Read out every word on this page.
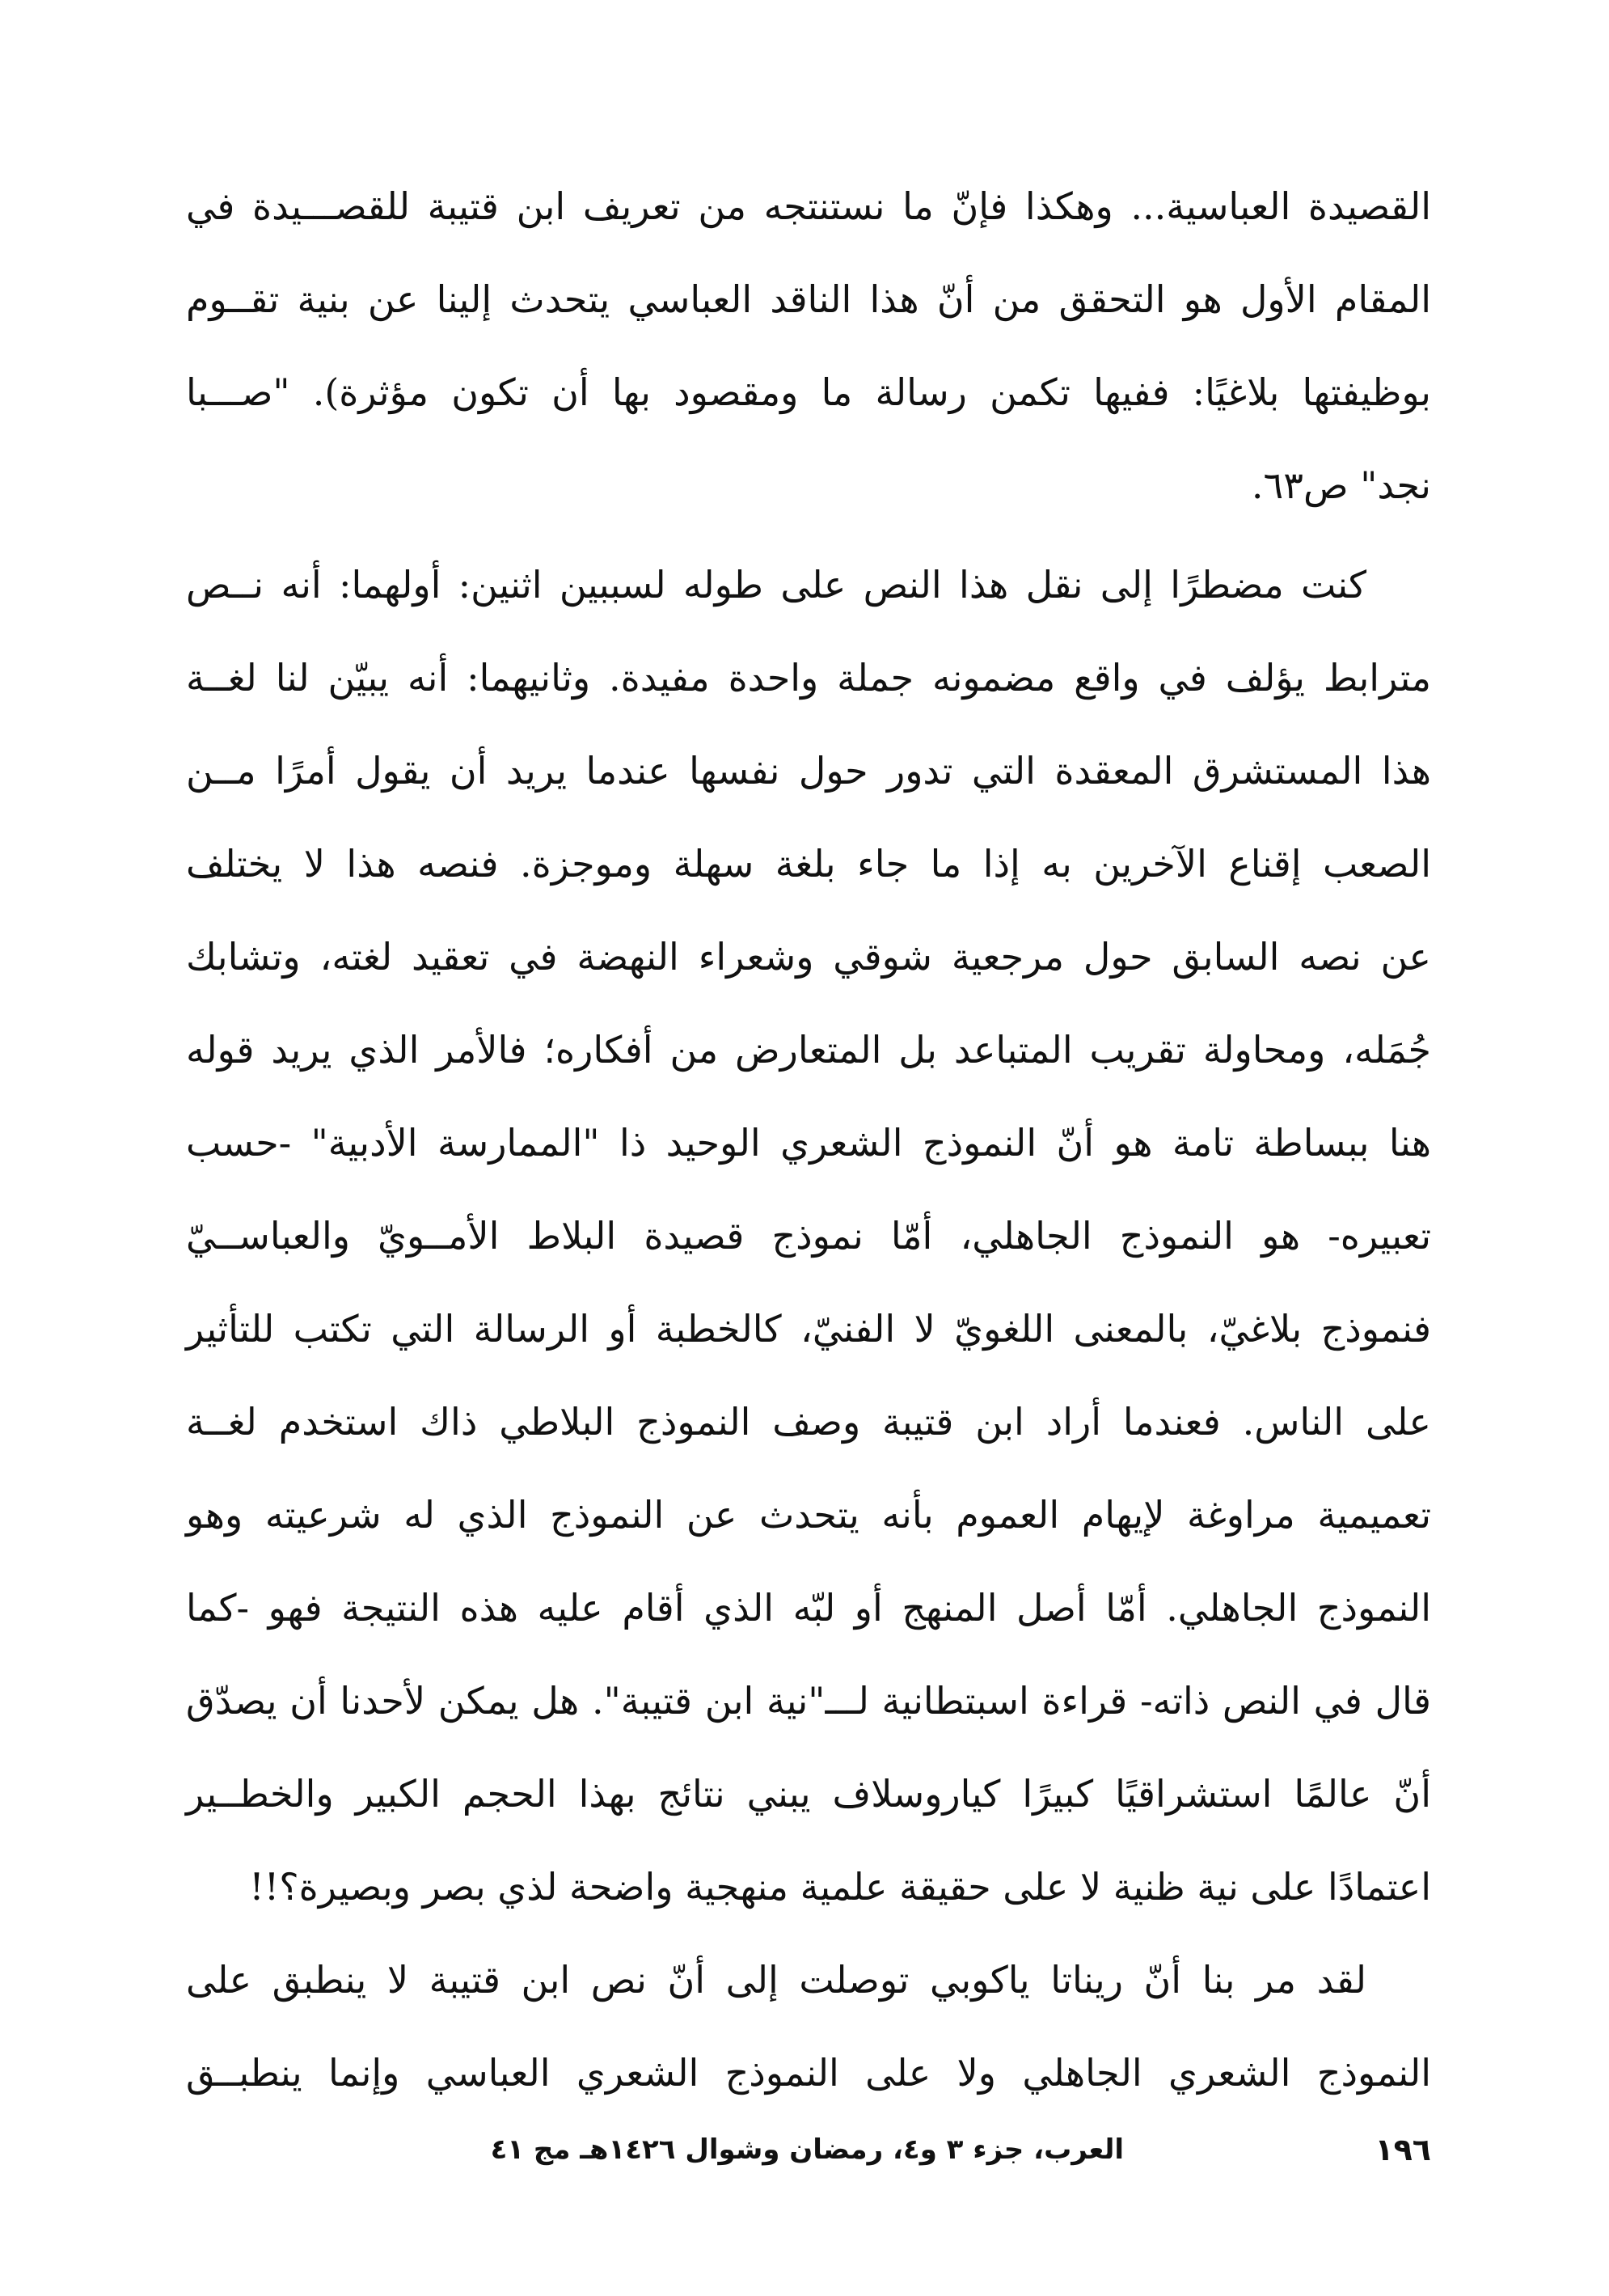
القصيدة العباسية... وهكذا فإنّ ما نستنتجه من تعريف ابن قتيبة للقصـــيدة في
المقام الأول هو التحقق من أنّ هذا الناقد العباسي يتحدث إلينا عن بنية تقــوم
بوظيفتها بلاغيًا: ففيها تكمن رسالة ما ومقصود بها أن تكون مؤثرة). "صـــبا
نجد" ص٦٣.
كنت مضطرًا إلى نقل هذا النص على طوله لسببين اثنين: أولهما: أنه نــص
مترابط يؤلف في واقع مضمونه جملة واحدة مفيدة. وثانيهما: أنه يبيّن لنا لغــة
هذا المستشرق المعقدة التي تدور حول نفسها عندما يريد أن يقول أمرًا مــن
الصعب إقناع الآخرين به إذا ما جاء بلغة سهلة وموجزة. فنصه هذا لا يختلف
عن نصه السابق حول مرجعية شوقي وشعراء النهضة في تعقيد لغته، وتشابك
جُمَله، ومحاولة تقريب المتباعد بل المتعارض من أفكاره؛ فالأمر الذي يريد قوله
هنا ببساطة تامة هو أنّ النموذج الشعري الوحيد ذا "الممارسة الأدبية" -حسب
تعبيره- هو النموذج الجاهلي، أمّا نموذج قصيدة البلاط الأمــويّ والعباســيّ
فنموذج بلاغيّ، بالمعنى اللغويّ لا الفنيّ، كالخطبة أو الرسالة التي تكتب للتأثير
على الناس. فعندما أراد ابن قتيبة وصف النموذج البلاطي ذاك استخدم لغــة
تعميمية مراوغة لإيهام العموم بأنه يتحدث عن النموذج الذي له شرعيته وهو
النموذج الجاهلي. أمّا أصل المنهج أو لبّه الذي أقام عليه هذه النتيجة فهو -كما
قال في النص ذاته- قراءة اسبتطانية لـــ"نية ابن قتيبة". هل يمكن لأحدنا أن يصدّق
أنّ عالمًا استشراقيًا كبيرًا كياروسلاف يبني نتائج بهذا الحجم الكبير والخطــير
اعتمادًا على نية ظنية لا على حقيقة علمية منهجية واضحة لذي بصر وبصيرة؟!!
لقد مر بنا أنّ ريناتا ياكوبي توصلت إلى أنّ نص ابن قتيبة لا ينطبق على
النموذج الشعري الجاهلي ولا على النموذج الشعري العباسي وإنما ينطبــق
١٩٦
العرب، جزء ٣ و٤، رمضان وشوال ١٤٢٦هـ مج ٤١
